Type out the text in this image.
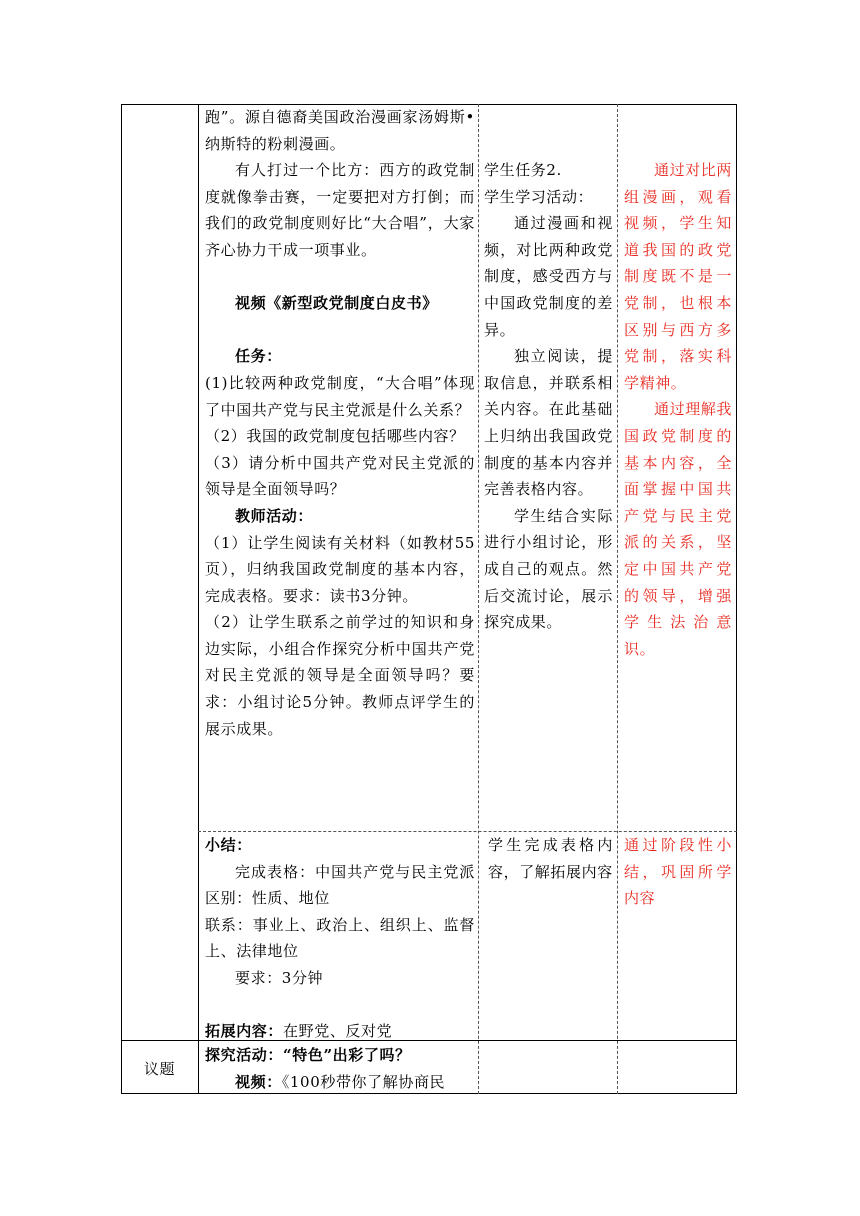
跑”。源自德裔美国政治漫画家汤姆斯•纳斯特的粉刺漫画。

有人打过一个比方：西方的政党制度就像拳击赛，一定要把对方打倒；而我们的政党制度则好比“大合唱”，大家齐心协力干成一项事业。

视频《新型政党制度白皮书》

任务：

(1)比较两种政党制度，“大合唱”体现了中国共产党与民主党派是什么关系？

（2）我国的政党制度包括哪些内容？

（3）请分析中国共产党对民主党派的领导是全面领导吗？

教师活动：

（1）让学生阅读有关材料（如教材55页），归纳我国政党制度的基本内容，完成表格。要求：读书3分钟。

（2）让学生联系之前学过的知识和身边实际，小组合作探究分析中国共产党对民主党派的领导是全面领导吗？要求：小组讨论5分钟。教师点评学生的展示成果。

学生任务2.

学生学习活动：

通过漫画和视频，对比两种政党制度，感受西方与中国政党制度的差异。

独立阅读，提取信息，并联系相关内容。在此基础上归纳出我国政党制度的基本内容并完善表格内容。

学生结合实际进行小组讨论，形成自己的观点。然后交流讨论，展示探究成果。

通过对比两组漫画，观看视频，学生知道我国的政党制度既不是一党制，也根本区别与西方多党制，落实科学精神。

通过理解我国政党制度的基本内容，全面掌握中国共产党与民主党派的关系，坚定中国共产党的领导，增强学生法治意识。

小结：

完成表格：中国共产党与民主党派区别：性质、地位

联系：事业上、政治上、组织上、监督上、法律地位

要求：3分钟

拓展内容：在野党、反对党

学生完成表格内容，了解拓展内容

通过阶段性小结，巩固所学内容

议题

探究活动：“特色”出彩了吗？

视频：《100秒带你了解协商民
